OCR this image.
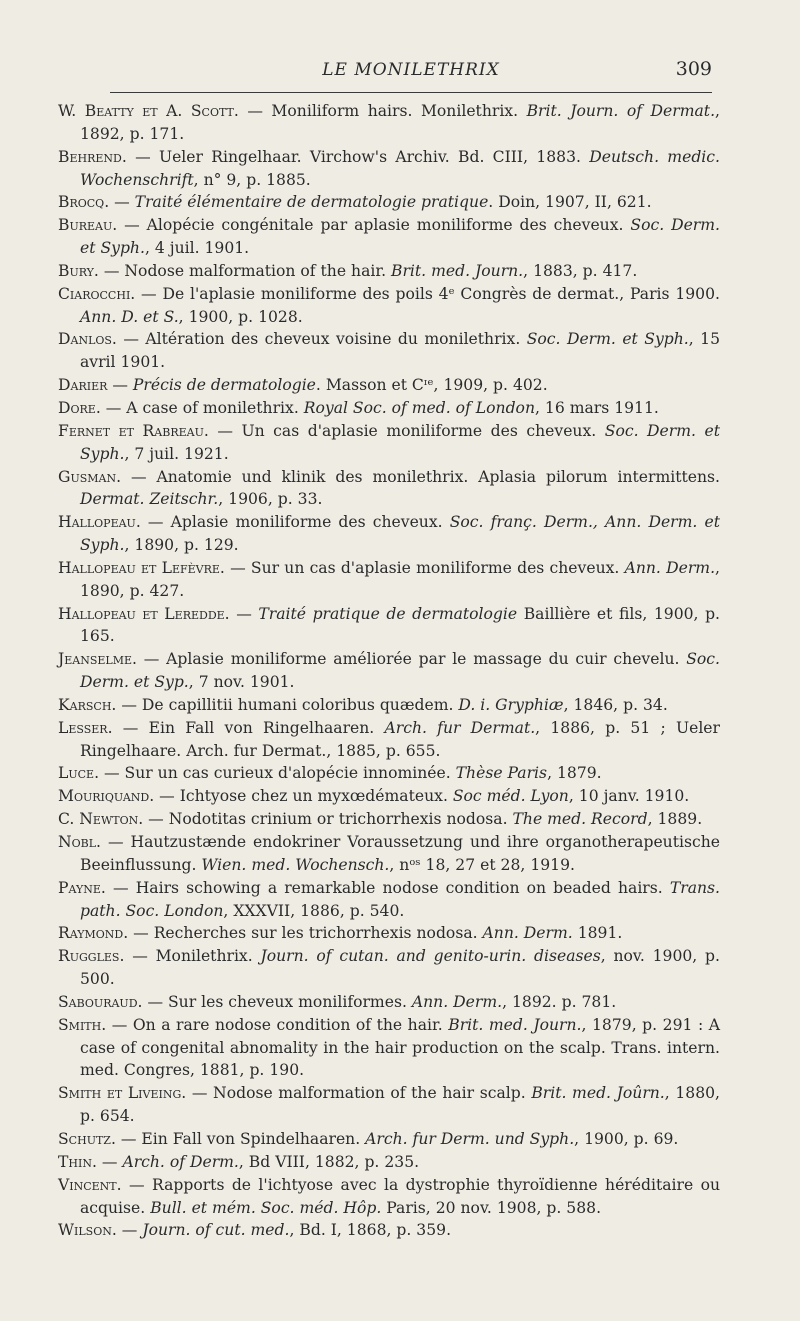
LE MONILETHRIX	309
W. Beatty et A. Scott. — Moniliform hairs. Monilethrix. Brit. Journ. of Dermat., 1892, p. 171.
Behrend. — Ueler Ringelhaar. Virchow's Archiv. Bd. CIII, 1883. Deutsch. medic. Wochenschrift, n° 9, p. 1885.
Brocq. — Traité élémentaire de dermatologie pratique. Doin, 1907, II, 621.
Bureau. — Alopécie congénitale par aplasie moniliforme des cheveux. Soc. Derm. et Syph., 4 juil. 1901.
Bury. — Nodose malformation of the hair. Brit. med. Journ., 1883, p. 417.
Ciarocchi. — De l'aplasie moniliforme des poils 4ᵉ Congrès de dermat., Paris 1900. Ann. D. et S., 1900, p. 1028.
Danlos. — Altération des cheveux voisine du monilethrix. Soc. Derm. et Syph., 15 avril 1901.
Darier — Précis de dermatologie. Masson et Cᶦᵉ, 1909, p. 402.
Dore. — A case of monilethrix. Royal Soc. of med. of London, 16 mars 1911.
Fernet et Rabreau. — Un cas d'aplasie moniliforme des cheveux. Soc. Derm. et Syph., 7 juil. 1921.
Gusman. — Anatomie und klinik des monilethrix. Aplasia pilorum intermittens. Dermat. Zeitschr., 1906, p. 33.
Hallopeau. — Aplasie moniliforme des cheveux. Soc. franç. Derm., Ann. Derm. et Syph., 1890, p. 129.
Hallopeau et Lefèvre. — Sur un cas d'aplasie moniliforme des cheveux. Ann. Derm., 1890, p. 427.
Hallopeau et Leredde. — Traité pratique de dermatologie Baillière et fils, 1900, p. 165.
Jeanselme. — Aplasie moniliforme améliorée par le massage du cuir chevelu. Soc. Derm. et Syp., 7 nov. 1901.
Karsch. — De capillitii humani coloribus quædem. D. i. Gryphiæ, 1846, p. 34.
Lesser. — Ein Fall von Ringelhaaren. Arch. fur Dermat., 1886, p. 51 ; Ueler Ringelhaare. Arch. fur Dermat., 1885, p. 655.
Luce. — Sur un cas curieux d'alopécie innominée. Thèse Paris, 1879.
Mouriquand. — Ichtyose chez un myxœdémateux. Soc méd. Lyon, 10 janv. 1910.
C. Newton. — Nodotitas crinium or trichorrhexis nodosa. The med. Record, 1889.
Nobl. — Hautzustænde endokriner Voraussetzung und ihre organotherapeutische Beeinflussung. Wien. med. Wochensch., nᵒˢ 18, 27 et 28, 1919.
Payne. — Hairs schowing a remarkable nodose condition on beaded hairs. Trans. path. Soc. London, XXXVII, 1886, p. 540.
Raymond. — Recherches sur les trichorrhexis nodosa. Ann. Derm. 1891.
Ruggles. — Monilethrix. Journ. of cutan. and genito-urin. diseases, nov. 1900, p. 500.
Sabouraud. — Sur les cheveux moniliformes. Ann. Derm., 1892. p. 781.
Smith. — On a rare nodose condition of the hair. Brit. med. Journ., 1879, p. 291 : A case of congenital abnomality in the hair production on the scalp. Trans. intern. med. Congres, 1881, p. 190.
Smith et Liveing. — Nodose malformation of the hair scalp. Brit. med. Joûrn., 1880, p. 654.
Schutz. — Ein Fall von Spindelhaaren. Arch. fur Derm. und Syph., 1900, p. 69.
Thin. — Arch. of Derm., Bd VIII, 1882, p. 235.
Vincent. — Rapports de l'ichtyose avec la dystrophie thyroïdienne héréditaire ou acquise. Bull. et mém. Soc. méd. Hôp. Paris, 20 nov. 1908, p. 588.
Wilson. — Journ. of cut. med., Bd. I, 1868, p. 359.
